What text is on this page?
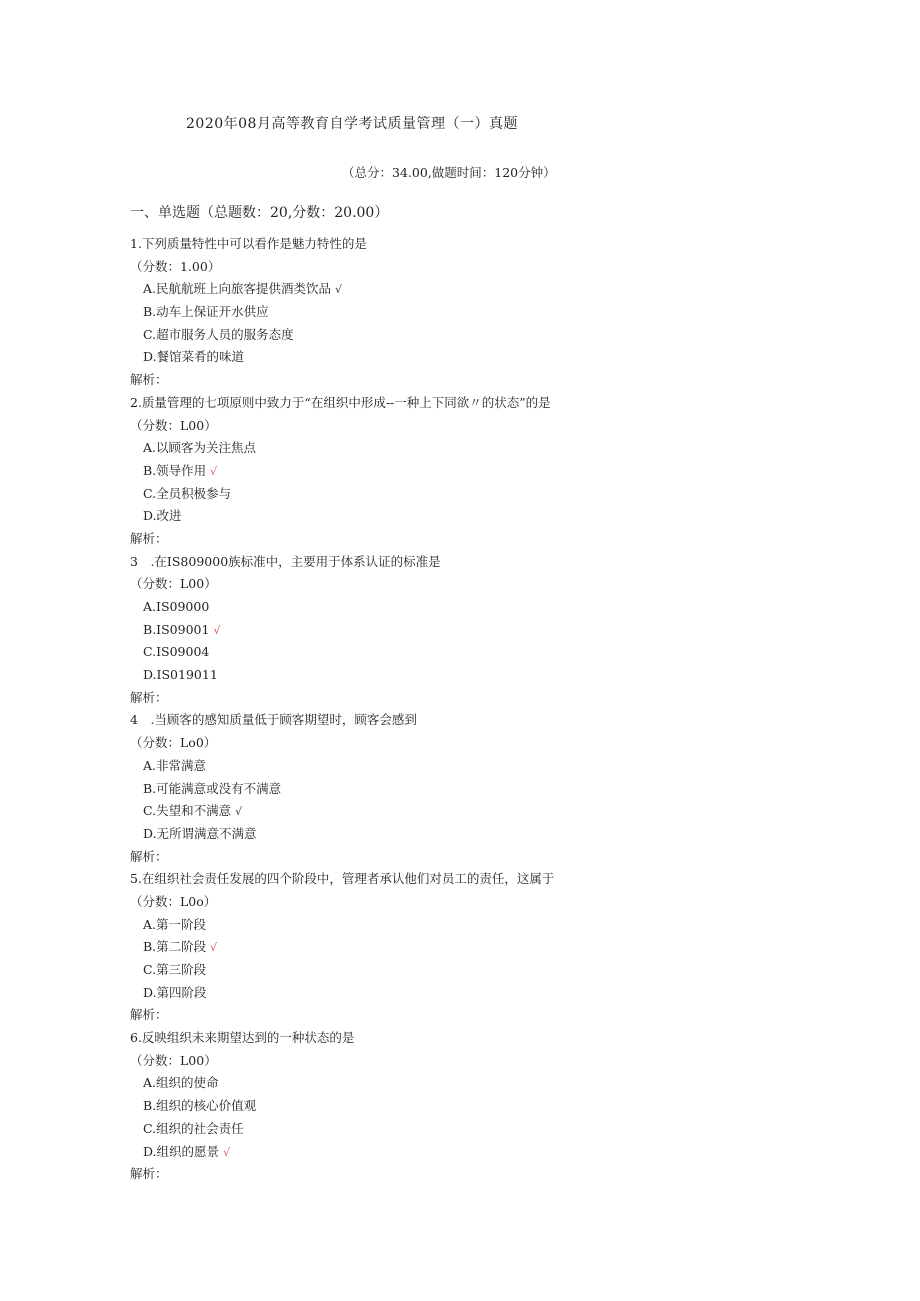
2020年08月高等教育自学考试质量管理（一）真题
（总分：34.00,做题时间：120分钟）
一、单选题（总题数：20,分数：20.00）
1.下列质量特性中可以看作是魅力特性的是
（分数：1.00）
A.民航航班上向旅客提供酒类饮品 √
B.动车上保证开水供应
C.超市服务人员的服务态度
D.餐馆菜肴的味道
解析：
2.质量管理的七项原则中致力于“在组织中形成--一种上下同欲〃的状态”的是
（分数：L00）
A.以顾客为关注焦点
B.领导作用 √
C.全员积极参与
D.改进
解析：
3　.在IS809000族标准中，主要用于体系认证的标准是
（分数：L00）
A.IS09000
B.IS09001 √
C.IS09004
D.IS019011
解析：
4　.当顾客的感知质量低于顾客期望时，顾客会感到
（分数：Lo0）
A.非常满意
B.可能满意或没有不满意
C.失望和不满意 √
D.无所谓满意不满意
解析：
5.在组织社会责任发展的四个阶段中，管理者承认他们对员工的责任，这属于
（分数：L0o）
A.第一阶段
B.第二阶段 √
C.第三阶段
D.第四阶段
解析：
6.反映组织未来期望达到的一种状态的是
（分数：L00）
A.组织的使命
B.组织的核心价值观
C.组织的社会责任
D.组织的愿景 √
解析：
